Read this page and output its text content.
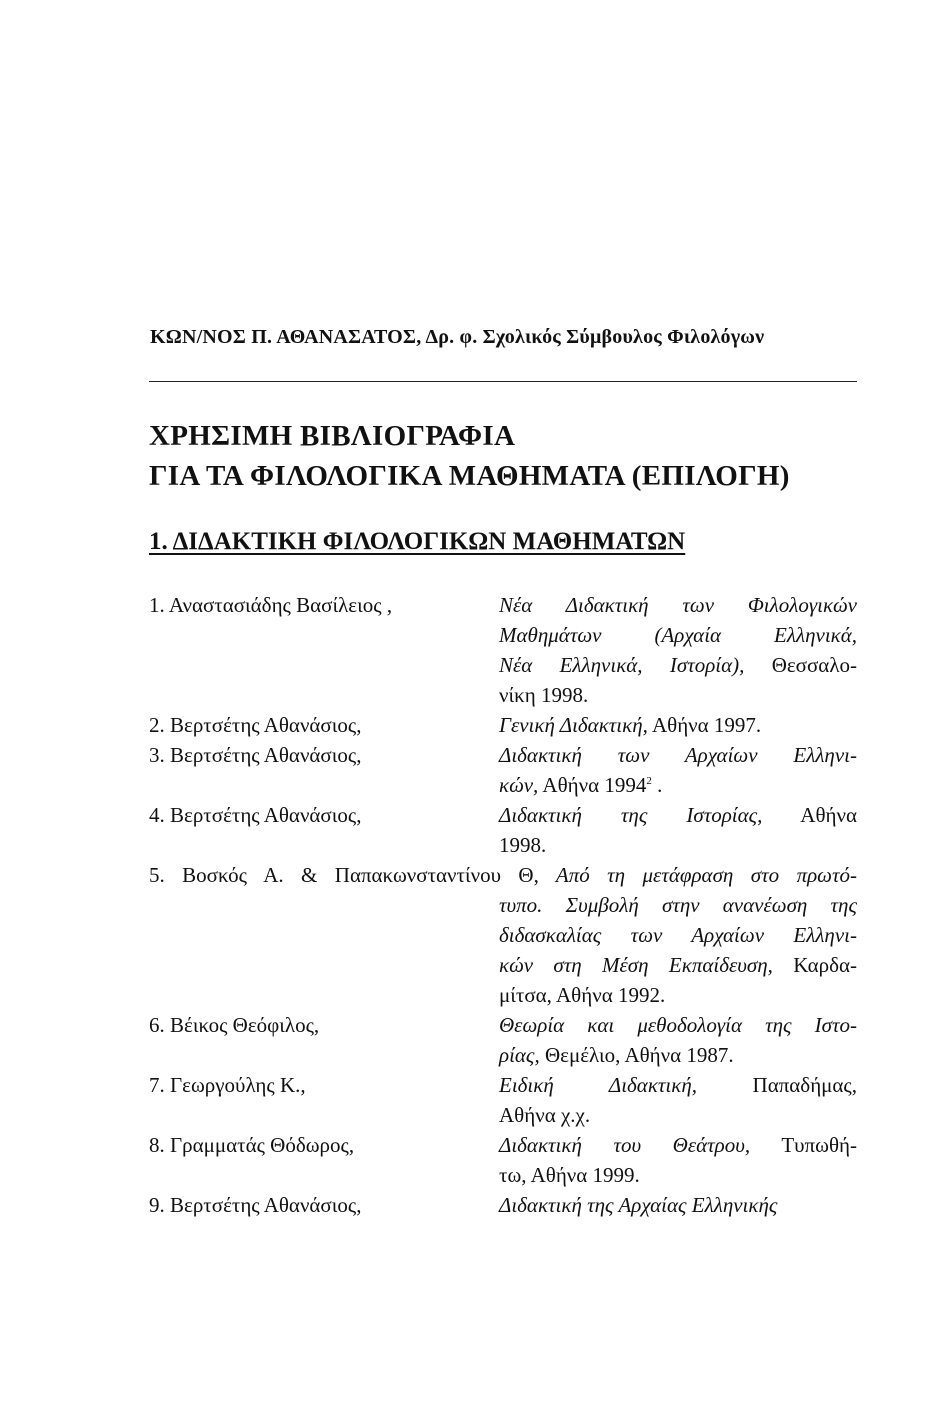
ΚΩΝ/ΝΟΣ Π. ΑΘΑΝΑΣΑΤΟΣ, Δρ. φ. Σχολικός Σύμβουλος Φιλολόγων
ΧΡΗΣΙΜΗ ΒΙΒΛΙΟΓΡΑΦΙΑ
ΓΙΑ ΤΑ ΦΙΛΟΛΟΓΙΚΑ ΜΑΘΗΜΑΤΑ (ΕΠΙΛΟΓΗ)
1. ΔΙΔΑΚΤΙΚΗ ΦΙΛΟΛΟΓΙΚΩΝ ΜΑΘΗΜΑΤΩΝ
1. Αναστασιάδης Βασίλειος ,	Νέα Διδακτική των Φιλολογικών
Μαθημάτων (Αρχαία Ελληνικά,
Νέα Ελληνικά, Ιστορία), Θεσσαλο-
νίκη 1998.
2. Βερτσέτης Αθανάσιος,	Γενική Διδακτική, Αθήνα 1997.
3. Βερτσέτης Αθανάσιος,	Διδακτική των Αρχαίων Ελληνι-
κών, Αθήνα 1994$^2$ .
4. Βερτσέτης Αθανάσιος,	Διδακτική της Ιστορίας, Αθήνα
1998.
5. Βοσκός Α. & Παπακωνσταντίνου Θ, Από τη μετάφραση στο πρωτό-
τυπο. Συμβολή στην ανανέωση της
διδασκαλίας των Αρχαίων Ελληνι-
κών στη Μέση Εκπαίδευση, Καρδα-
μίτσα, Αθήνα 1992.
6. Βέικος Θεόφιλος,	Θεωρία και μεθοδολογία της Ιστο-
ρίας, Θεμέλιο, Αθήνα 1987.
7. Γεωργούλης Κ.,	Ειδική Διδακτική, Παπαδήμας,
Αθήνα χ.χ.
8. Γραμματάς Θόδωρος,	Διδακτική του Θεάτρου, Τυπωθή-
τω, Αθήνα 1999.
9. Βερτσέτης Αθανάσιος,	Διδακτική της Αρχαίας Ελληνικής
